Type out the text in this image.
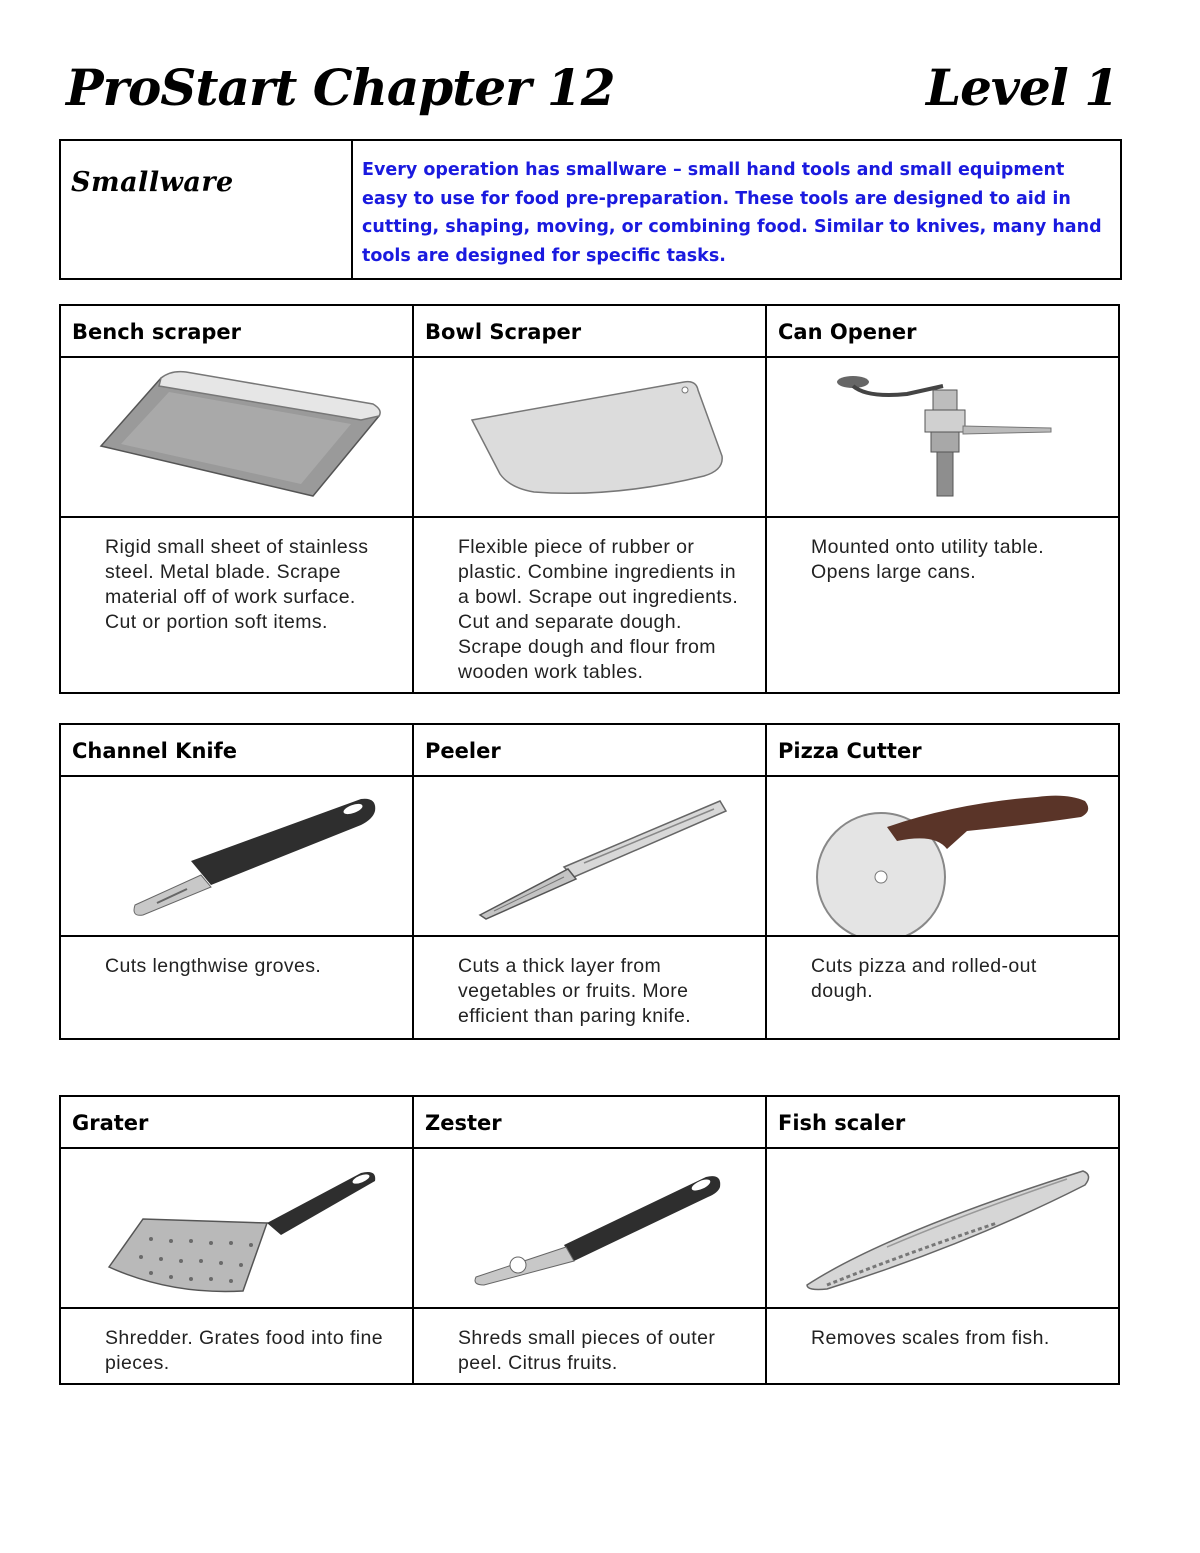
ProStart Chapter 12	Level 1
Smallware	Every operation has smallware – small hand tools and small equipment easy to use for food pre-preparation. These tools are designed to aid in cutting, shaping, moving, or combining food. Similar to knives, many hand tools are designed for specific tasks.
Bench scraper	Bowl Scraper	Can Opener

Rigid small sheet of stainless steel. Metal blade. Scrape material off of work surface. Cut or portion soft items.	Flexible piece of rubber or plastic. Combine ingredients in a bowl. Scrape out ingredients. Cut and separate dough. Scrape dough and flour from wooden work tables.	Mounted onto utility table. Opens large cans.
Channel Knife	Peeler	Pizza Cutter

Cuts lengthwise groves.	Cuts a thick layer from vegetables or fruits. More efficient than paring knife.	Cuts pizza and rolled-out dough.
Grater	Zester	Fish scaler

Shredder. Grates food into fine pieces.	Shreds small pieces of outer peel. Citrus fruits.	Removes scales from fish.
